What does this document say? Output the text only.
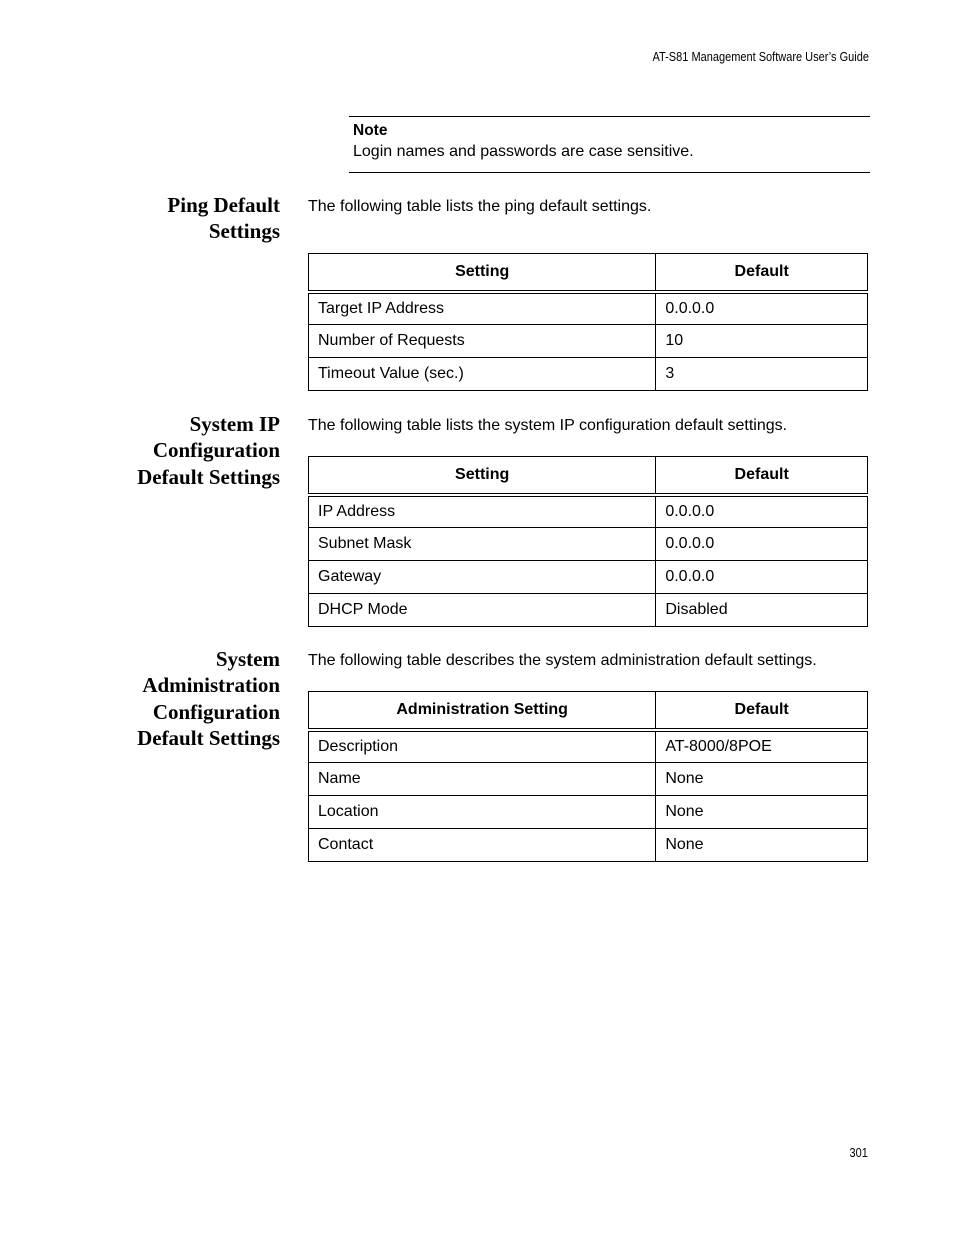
AT-S81 Management Software User’s Guide
Note
Login names and passwords are case sensitive.
Ping Default
Settings
The following table lists the ping default settings.
Setting	Default
Target IP Address	0.0.0.0
Number of Requests	10
Timeout Value (sec.)	3
System IP
Configuration
Default Settings
The following table lists the system IP configuration default settings.
Setting	Default
IP Address	0.0.0.0
Subnet Mask	0.0.0.0
Gateway	0.0.0.0
DHCP Mode	Disabled
System
Administration
Configuration
Default Settings
The following table describes the system administration default settings.
Administration Setting	Default
Description	AT-8000/8POE
Name	None
Location	None
Contact	None
301
